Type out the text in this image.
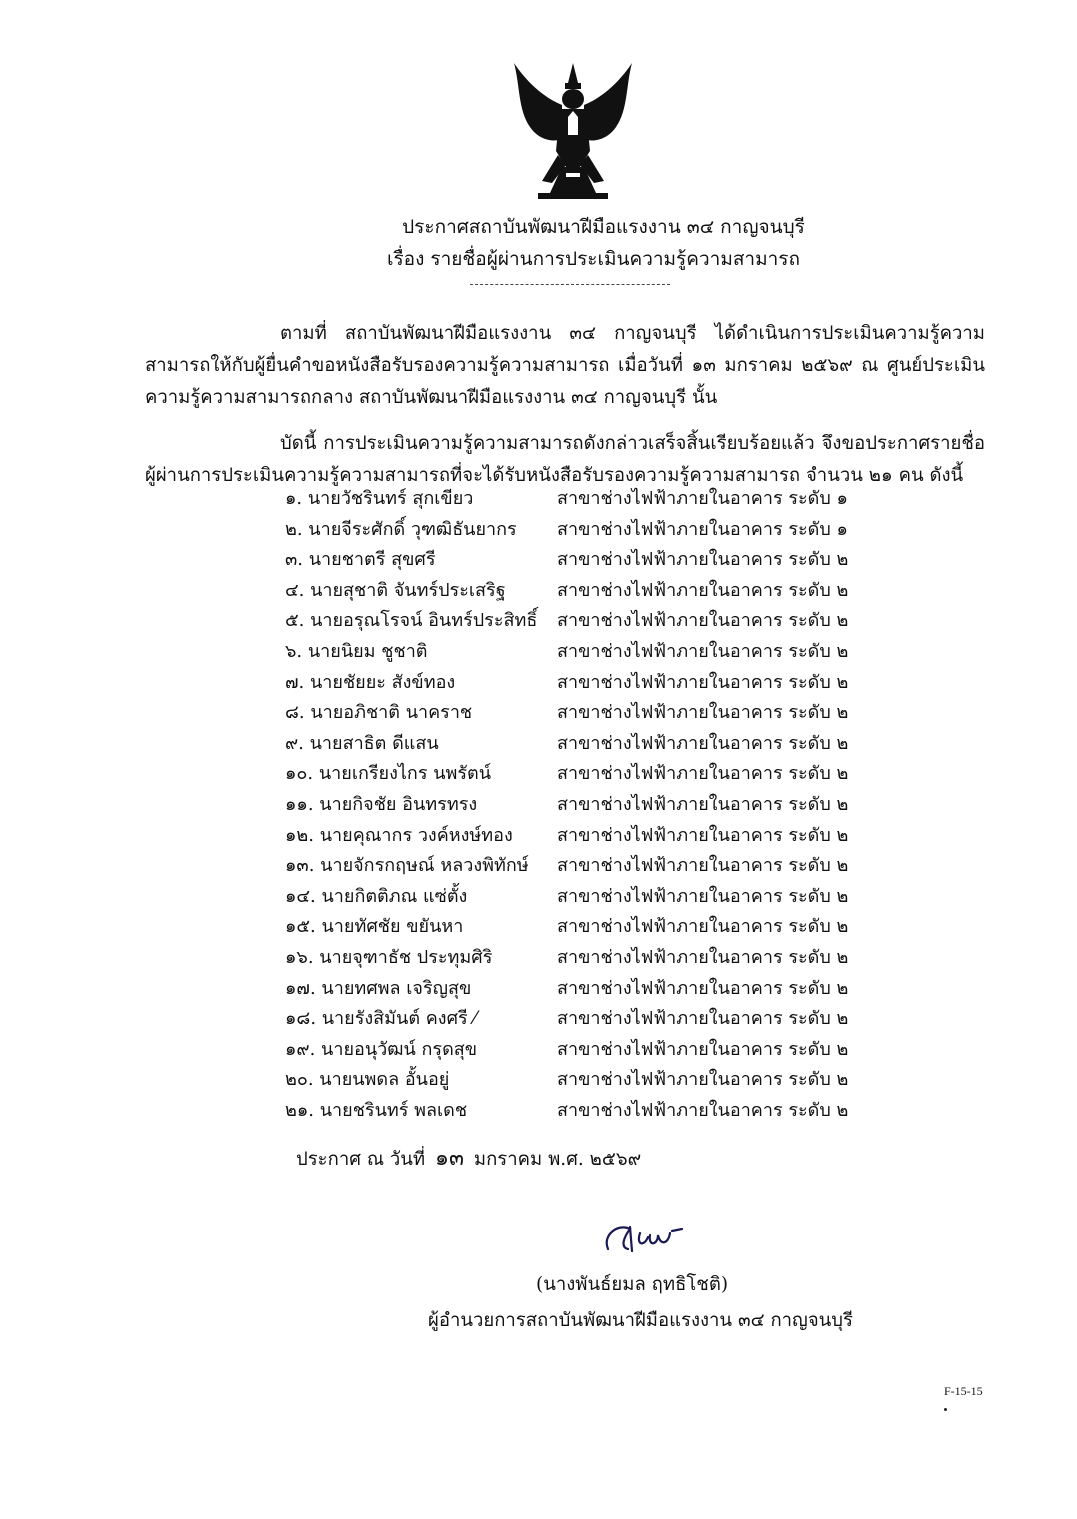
ประกาศสถาบันพัฒนาฝีมือแรงงาน ๓๔ กาญจนบุรี
เรื่อง รายชื่อผู้ผ่านการประเมินความรู้ความสามารถ
ตามที่ สถาบันพัฒนาฝีมือแรงงาน ๓๔ กาญจนบุรี ได้ดำเนินการประเมินความรู้ความสามารถให้กับผู้ยื่นคำขอหนังสือรับรองความรู้ความสามารถ เมื่อวันที่ ๑๓ มกราคม ๒๕๖๙ ณ ศูนย์ประเมินความรู้ความสามารถกลาง สถาบันพัฒนาฝีมือแรงงาน ๓๔ กาญจนบุรี นั้น
บัดนี้ การประเมินความรู้ความสามารถดังกล่าวเสร็จสิ้นเรียบร้อยแล้ว จึงขอประกาศรายชื่อผู้ผ่านการประเมินความรู้ความสามารถที่จะได้รับหนังสือรับรองความรู้ความสามารถ จำนวน ๒๑ คน ดังนี้
๑. นายวัชรินทร์ สุกเขียว	สาขาช่างไฟฟ้าภายในอาคาร ระดับ ๑
๒. นายจีระศักดิ์ วุฑฒิธันยากร สาขาช่างไฟฟ้าภายในอาคาร ระดับ ๑
๓. นายชาตรี สุขศรี	สาขาช่างไฟฟ้าภายในอาคาร ระดับ ๒
๔. นายสุชาติ จันทร์ประเสริฐ	สาขาช่างไฟฟ้าภายในอาคาร ระดับ ๒
๕. นายอรุณโรจน์ อินทร์ประสิทธิ์ สาขาช่างไฟฟ้าภายในอาคาร ระดับ ๒
๖. นายนิยม ชูชาติ	สาขาช่างไฟฟ้าภายในอาคาร ระดับ ๒
๗. นายชัยยะ สังข์ทอง	สาขาช่างไฟฟ้าภายในอาคาร ระดับ ๒
๘. นายอภิชาติ นาคราช	สาขาช่างไฟฟ้าภายในอาคาร ระดับ ๒
๙. นายสาธิต ดีแสน	สาขาช่างไฟฟ้าภายในอาคาร ระดับ ๒
๑๐. นายเกรียงไกร นพรัตน์	สาขาช่างไฟฟ้าภายในอาคาร ระดับ ๒
๑๑. นายกิจชัย อินทรทรง	สาขาช่างไฟฟ้าภายในอาคาร ระดับ ๒
๑๒. นายคุณากร วงค์หงษ์ทอง สาขาช่างไฟฟ้าภายในอาคาร ระดับ ๒
๑๓. นายจักรกฤษณ์ หลวงพิทักษ์ สาขาช่างไฟฟ้าภายในอาคาร ระดับ ๒
๑๔. นายกิตติภณ แซ่ตั้ง	สาขาช่างไฟฟ้าภายในอาคาร ระดับ ๒
๑๕. นายทัศชัย ขยันหา	สาขาช่างไฟฟ้าภายในอาคาร ระดับ ๒
๑๖. นายจุฑาธัช ประทุมศิริ	สาขาช่างไฟฟ้าภายในอาคาร ระดับ ๒
๑๗. นายทศพล เจริญสุข	สาขาช่างไฟฟ้าภายในอาคาร ระดับ ๒
๑๘. นายรังสิมันต์ คงศรี ⁄	สาขาช่างไฟฟ้าภายในอาคาร ระดับ ๒
๑๙. นายอนุวัฒน์ กรุดสุข	สาขาช่างไฟฟ้าภายในอาคาร ระดับ ๒
๒๐. นายนพดล อั้นอยู่	สาขาช่างไฟฟ้าภายในอาคาร ระดับ ๒
๒๑. นายชรินทร์ พลเดช	สาขาช่างไฟฟ้าภายในอาคาร ระดับ ๒
ประกาศ ณ วันที่ ๑๓ มกราคม พ.ศ. ๒๕๖๙
(นางพันธ์ยมล ฤทธิโชติ)
ผู้อำนวยการสถาบันพัฒนาฝีมือแรงงาน ๓๔ กาญจนบุรี
F-15-15
